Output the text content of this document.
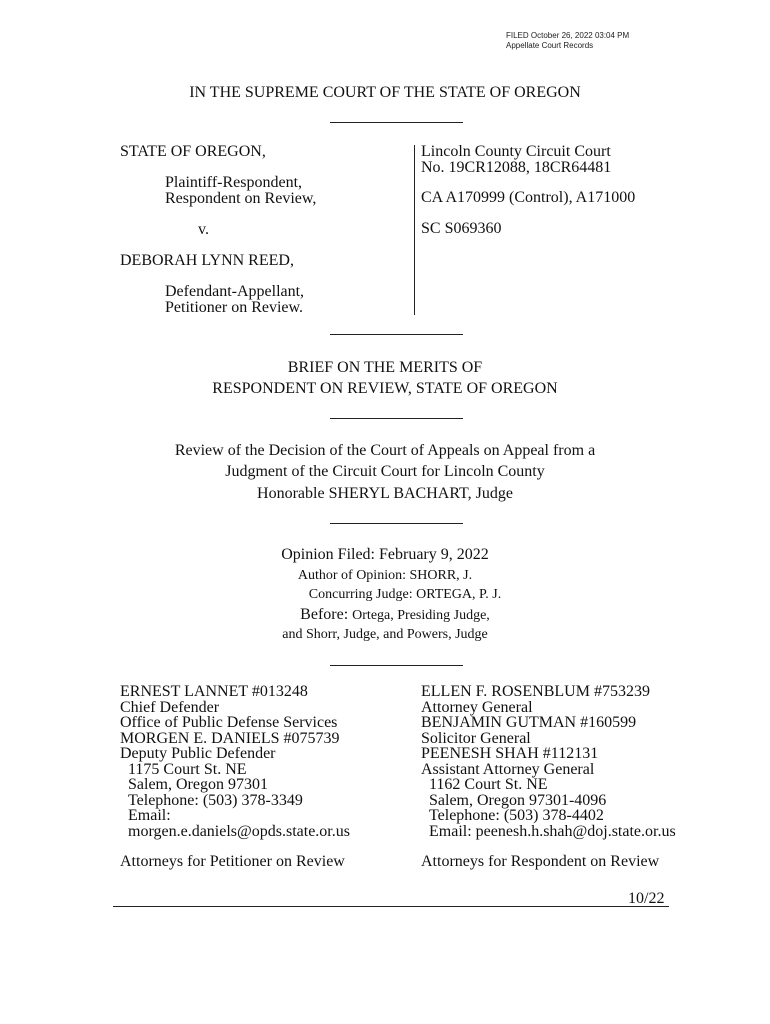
FILED October 26, 2022 03:04 PM
Appellate Court Records
IN THE SUPREME COURT OF THE STATE OF OREGON
STATE OF OREGON,
Plaintiff-Respondent,
Respondent on Review,
v.
DEBORAH LYNN REED,
Defendant-Appellant,
Petitioner on Review.
Lincoln County Circuit Court
No. 19CR12088, 18CR64481
CA A170999 (Control), A171000
SC S069360
BRIEF ON THE MERITS OF
RESPONDENT ON REVIEW, STATE OF OREGON
Review of the Decision of the Court of Appeals on Appeal from a
Judgment of the Circuit Court for Lincoln County
Honorable SHERYL BACHART, Judge
Opinion Filed: February 9, 2022
Author of Opinion: SHORR, J.
Concurring Judge: ORTEGA, P. J.
Before: Ortega, Presiding Judge,
and Shorr, Judge, and Powers, Judge
ERNEST LANNET #013248
Chief Defender
Office of Public Defense Services
MORGEN E. DANIELS #075739
Deputy Public Defender
1175 Court St. NE
Salem, Oregon 97301
Telephone: (503) 378-3349
Email:
morgen.e.daniels@opds.state.or.us
Attorneys for Petitioner on Review
ELLEN F. ROSENBLUM #753239
Attorney General
BENJAMIN GUTMAN #160599
Solicitor General
PEENESH SHAH #112131
Assistant Attorney General
1162 Court St. NE
Salem, Oregon 97301-4096
Telephone: (503) 378-4402
Email: peenesh.h.shah@doj.state.or.us
Attorneys for Respondent on Review
10/22
